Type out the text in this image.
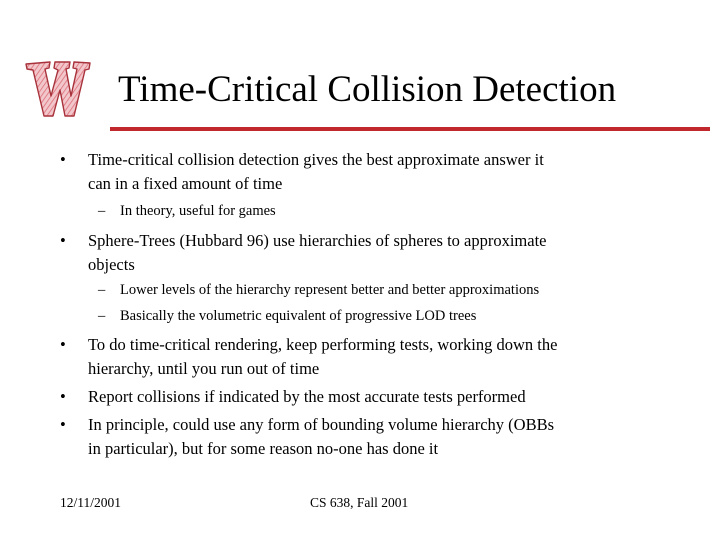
Time-Critical Collision Detection
• Time-critical collision detection gives the best approximate answer it
can in a fixed amount of time
– In theory, useful for games
• Sphere-Trees (Hubbard 96) use hierarchies of spheres to approximate
objects
– Lower levels of the hierarchy represent better and better approximations
– Basically the volumetric equivalent of progressive LOD trees
• To do time-critical rendering, keep performing tests, working down the
hierarchy, until you run out of time
• Report collisions if indicated by the most accurate tests performed
• In principle, could use any form of bounding volume hierarchy (OBBs
in particular), but for some reason no-one has done it
12/11/2001	CS 638, Fall 2001
